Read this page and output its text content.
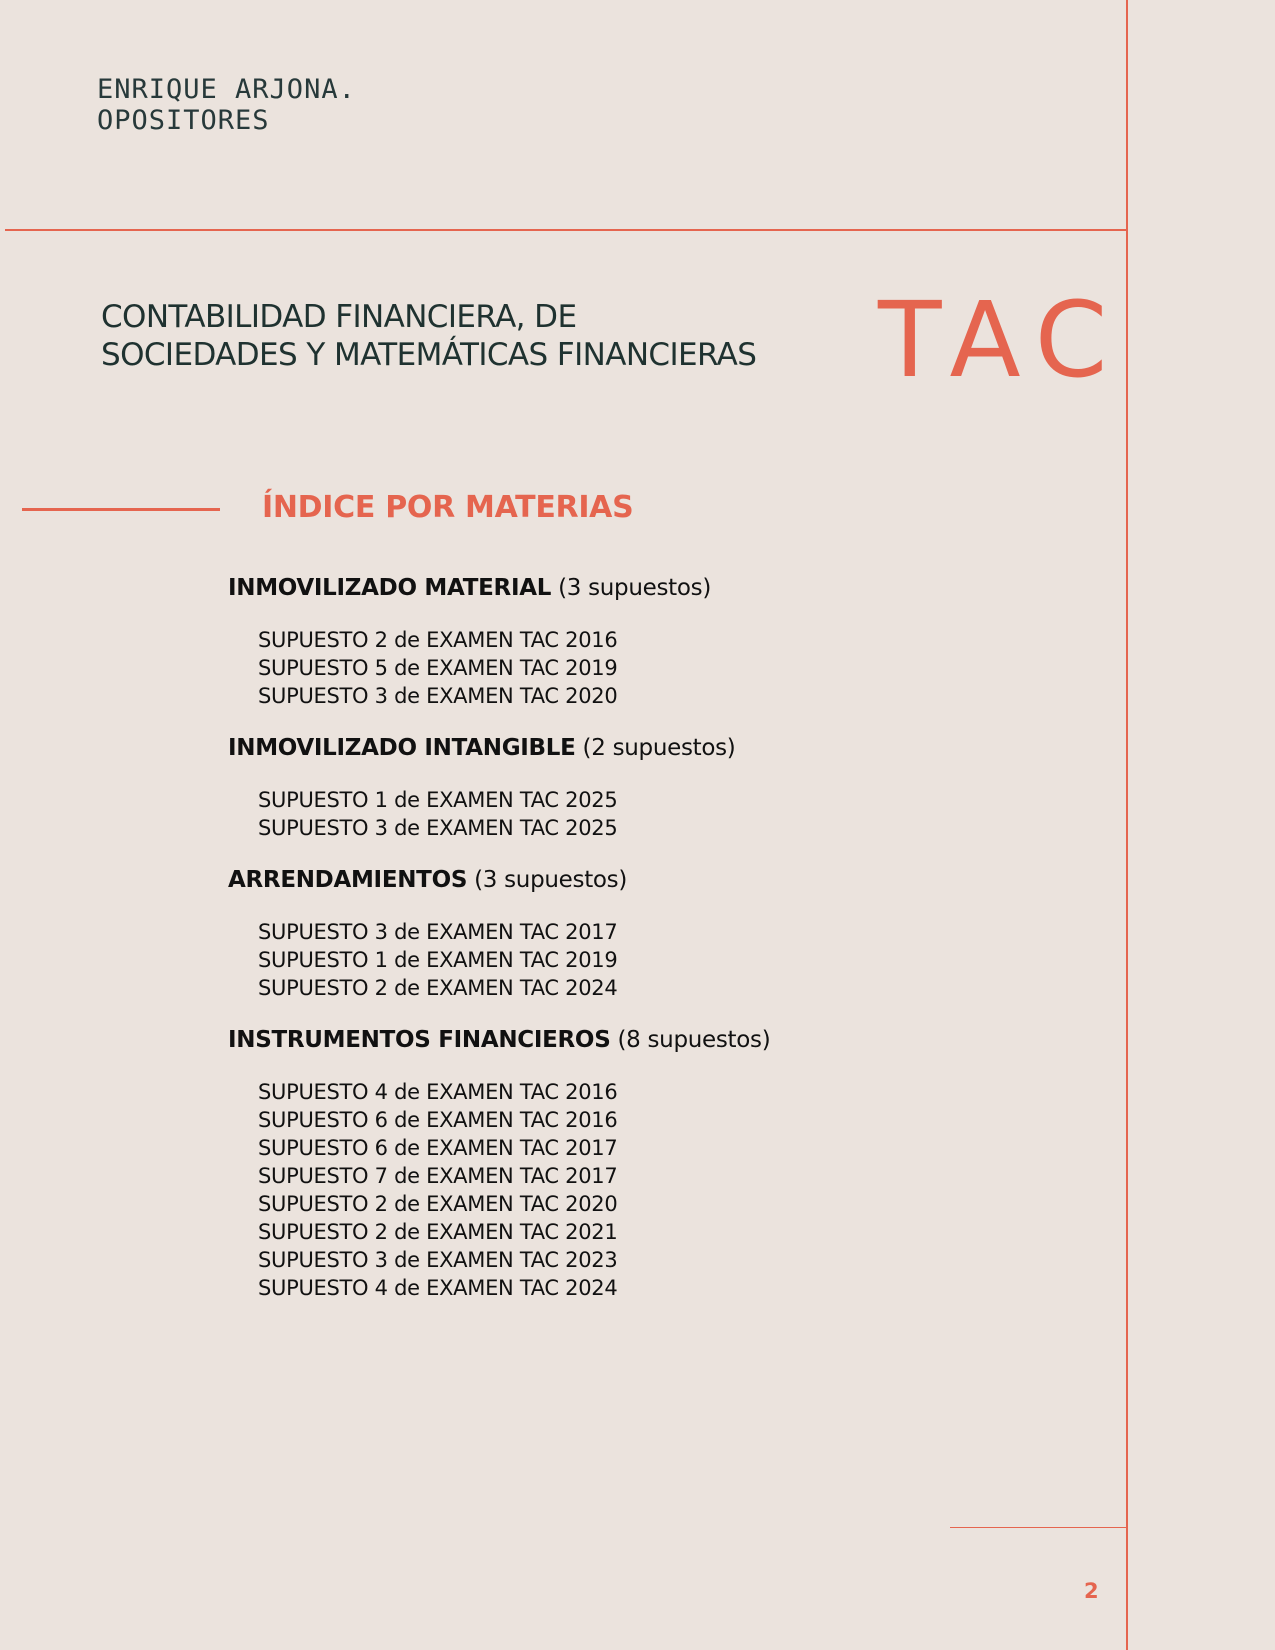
ENRIQUE ARJONA.
OPOSITORES
CONTABILIDAD FINANCIERA, DE
SOCIEDADES Y MATEMÁTICAS FINANCIERAS TAC
ÍNDICE POR MATERIAS
INMOVILIZADO MATERIAL (3 supuestos)
SUPUESTO 2 de EXAMEN TAC 2016
SUPUESTO 5 de EXAMEN TAC 2019
SUPUESTO 3 de EXAMEN TAC 2020
INMOVILIZADO INTANGIBLE (2 supuestos)
SUPUESTO 1 de EXAMEN TAC 2025
SUPUESTO 3 de EXAMEN TAC 2025
ARRENDAMIENTOS (3 supuestos)
SUPUESTO 3 de EXAMEN TAC 2017
SUPUESTO 1 de EXAMEN TAC 2019
SUPUESTO 2 de EXAMEN TAC 2024
INSTRUMENTOS FINANCIEROS (8 supuestos)
SUPUESTO 4 de EXAMEN TAC 2016
SUPUESTO 6 de EXAMEN TAC 2016
SUPUESTO 6 de EXAMEN TAC 2017
SUPUESTO 7 de EXAMEN TAC 2017
SUPUESTO 2 de EXAMEN TAC 2020
SUPUESTO 2 de EXAMEN TAC 2021
SUPUESTO 3 de EXAMEN TAC 2023
SUPUESTO 4 de EXAMEN TAC 2024
2
